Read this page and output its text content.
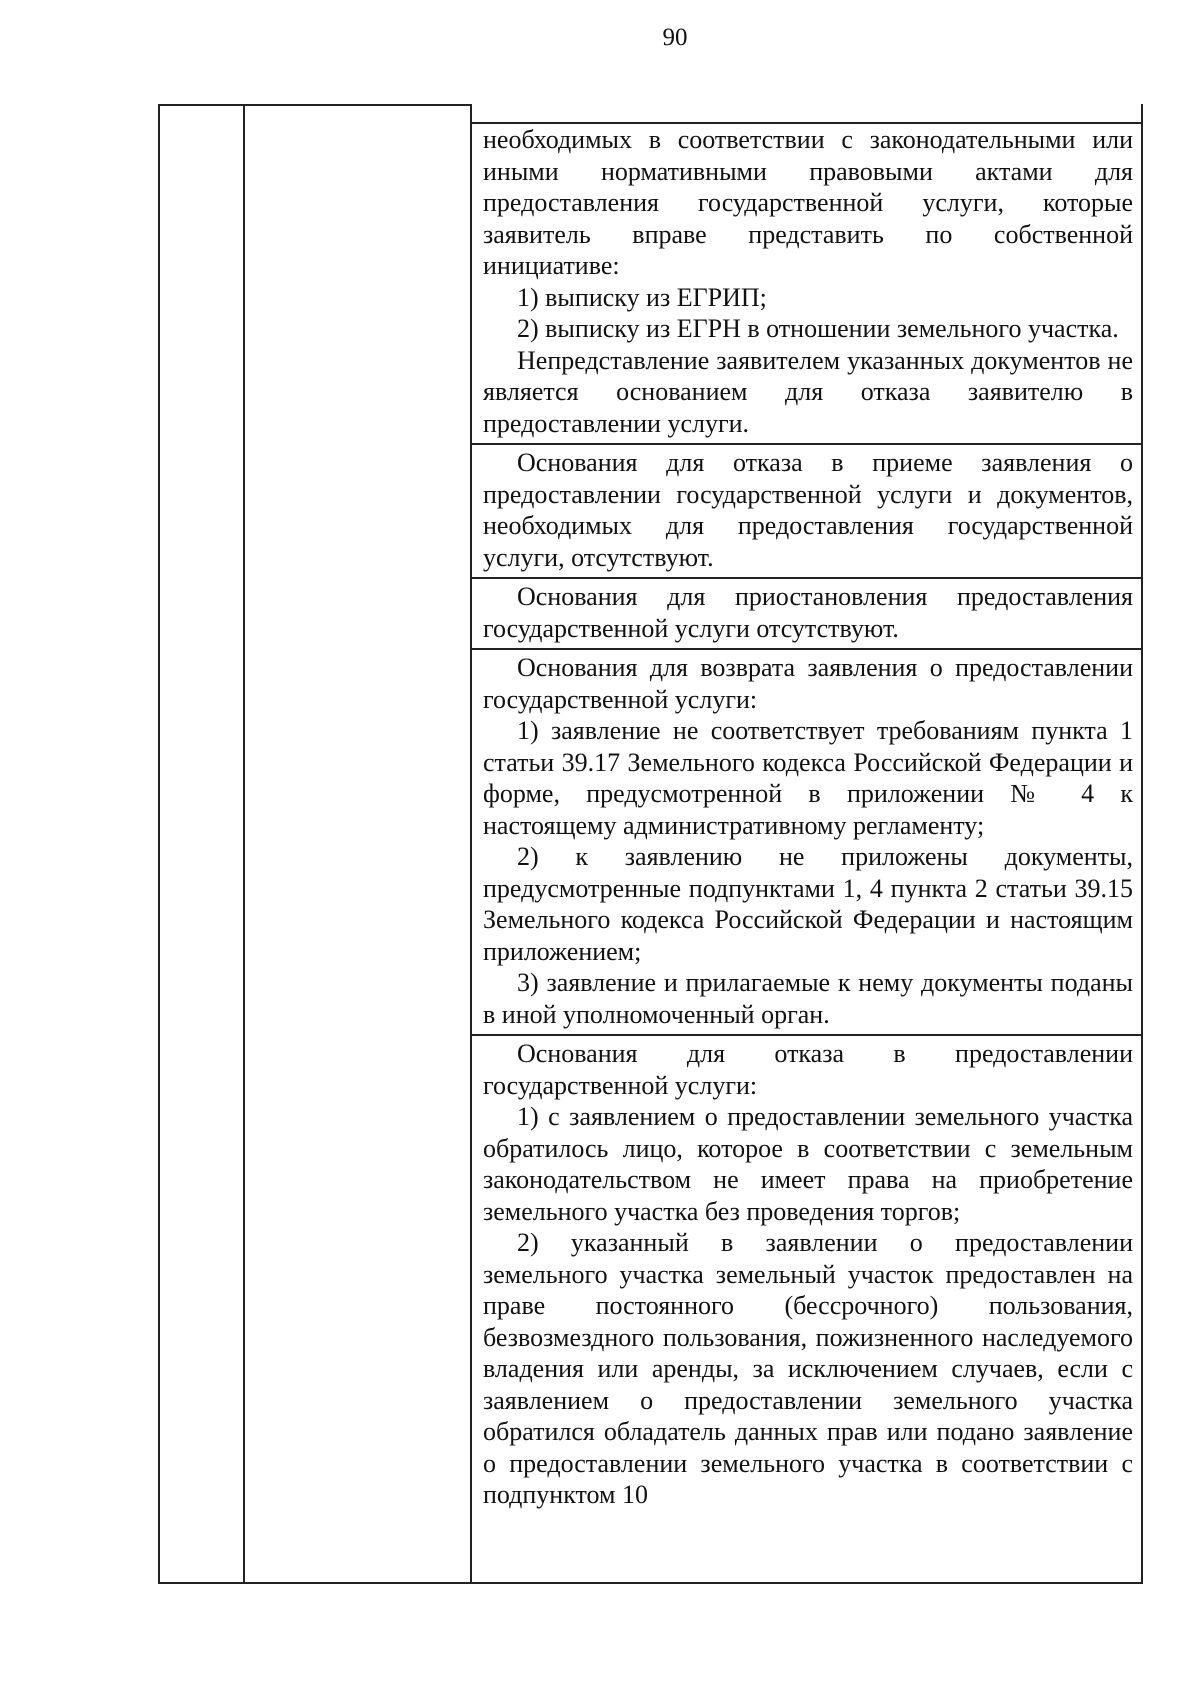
90

необходимых в соответствии с законодательными или иными нормативными правовыми актами для предоставления государственной услуги, которые заявитель вправе представить по собственной инициативе:

1) выписку из ЕГРИП;

2) выписку из ЕГРН в отношении земельного участка.

Непредставление заявителем указанных документов не является основанием для отказа заявителю в предоставлении услуги.

Основания для отказа в приеме заявления о предоставлении государственной услуги и документов, необходимых для предоставления государственной услуги, отсутствуют.

Основания для приостановления предоставления государственной услуги отсутствуют.

Основания для возврата заявления о предоставлении государственной услуги:

1) заявление не соответствует требованиям пункта 1 статьи 39.17 Земельного кодекса Российской Федерации и форме, предусмотренной в приложении № 4 к настоящему административному регламенту;

2) к заявлению не приложены документы, предусмотренные подпунктами 1, 4 пункта 2 статьи 39.15 Земельного кодекса Российской Федерации и настоящим приложением;

3) заявление и прилагаемые к нему документы поданы в иной уполномоченный орган.

Основания для отказа в предоставлении государственной услуги:

1) с заявлением о предоставлении земельного участка обратилось лицо, которое в соответствии с земельным законодательством не имеет права на приобретение земельного участка без проведения торгов;

2) указанный в заявлении о предоставлении земельного участка земельный участок предоставлен на праве постоянного (бессрочного) пользования, безвозмездного пользования, пожизненного наследуемого владения или аренды, за исключением случаев, если с заявлением о предоставлении земельного участка обратился обладатель данных прав или подано заявление о предоставлении земельного участка в соответствии с подпунктом 10
